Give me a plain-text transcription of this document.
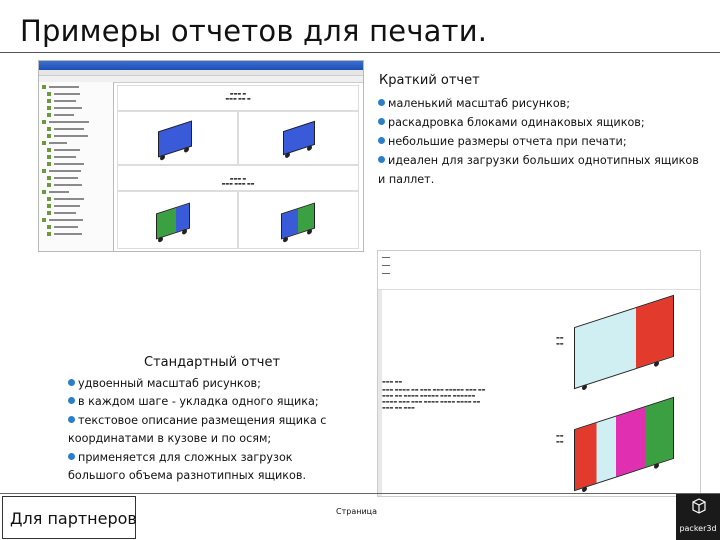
Примеры отчетов для печати.
▬▬▬ ▬
▬▬▬ ▬▬ ▬
▬▬▬ ▬
▬▬▬ ▬▬▬ ▬▬
Краткий отчет
маленький масштаб рисунков;
раскадровка блоками одинаковых ящиков;
небольшие размеры отчета при печати;
идеален для загрузки больших однотипных ящиков и паллет.
▬▬
▬▬
▬▬▬ ▬▬
▬▬▬ ▬▬▬▬ ▬▬ ▬▬▬ ▬▬▬ ▬▬▬▬▬ ▬▬▬ ▬▬
▬▬▬ ▬▬ ▬▬▬▬ ▬▬▬▬▬ ▬▬▬ ▬▬▬▬▬▬
▬▬▬▬ ▬▬▬ ▬▬▬ ▬▬▬▬ ▬▬▬▬ ▬▬▬▬ ▬▬
▬▬▬ ▬▬ ▬▬▬
▬▬
▬▬
Стандартный отчет
удвоенный масштаб рисунков;
в каждом шаге - укладка одного ящика;
текстовое описание размещения ящика с координатами в кузове и по осям;
применяется для сложных загрузок большого объема разнотипных ящиков.
Для партнеров	Страница
packer3d
